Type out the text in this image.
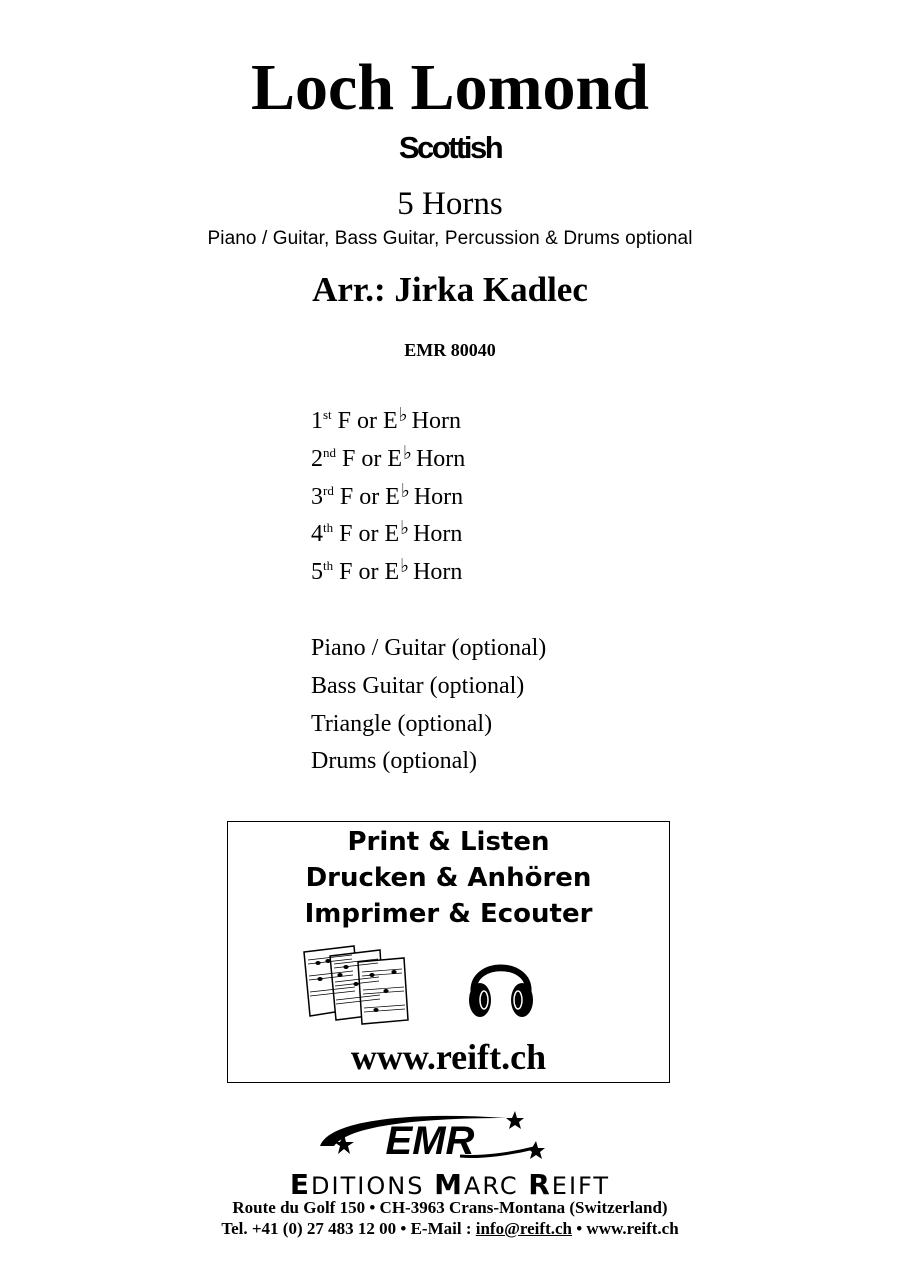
Loch Lomond
Scottish
5 Horns
Piano / Guitar, Bass Guitar, Percussion & Drums optional
Arr.: Jirka Kadlec
EMR 80040
1st F or E♭ Horn
2nd F or E♭ Horn
3rd F or E♭ Horn
4th F or E♭ Horn
5th F or E♭ Horn
Piano / Guitar (optional)
Bass Guitar (optional)
Triangle (optional)
Drums (optional)
Print & Listen
Drucken & Anhören
Imprimer & Ecouter
www.reift.ch
EMR
EDITIONS MARC REIFT
Route du Golf 150 • CH-3963 Crans-Montana (Switzerland)
Tel. +41 (0) 27 483 12 00 • E-Mail : info@reift.ch • www.reift.ch
